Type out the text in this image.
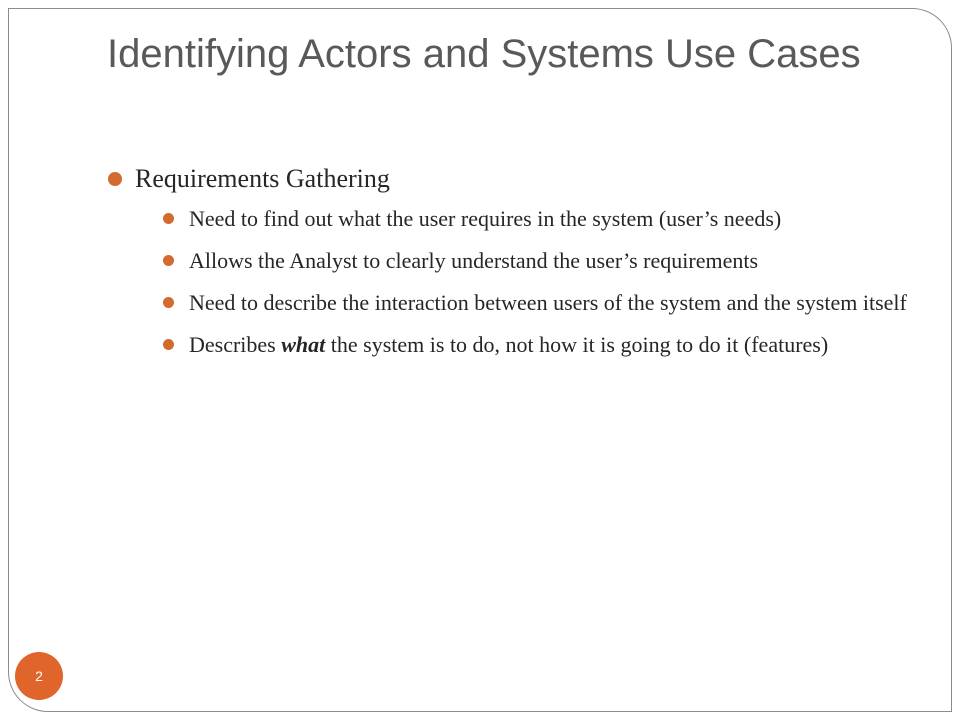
Identifying Actors and Systems Use Cases
Requirements Gathering
Need to find out what the user requires in the system (user’s needs)
Allows the Analyst to clearly understand the user’s requirements
Need to describe the interaction between users of the system and the system itself
Describes what the system is to do, not how it is going to do it (features)
2
